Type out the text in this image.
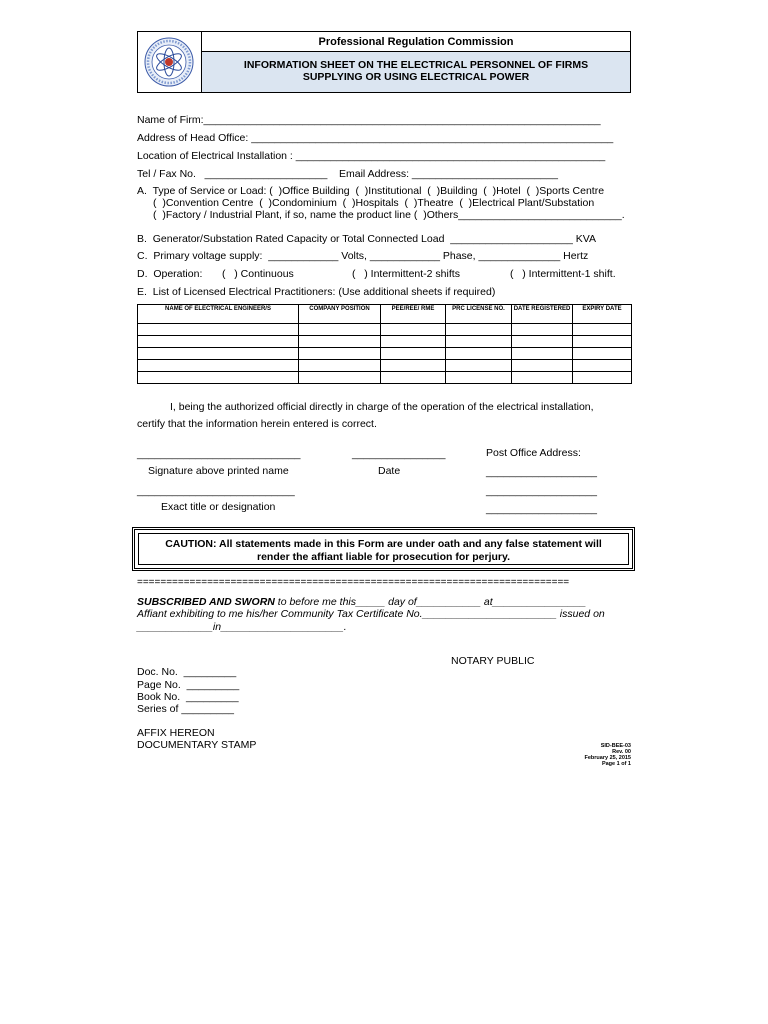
Professional Regulation Commission
INFORMATION SHEET ON THE ELECTRICAL PERSONNEL OF FIRMS
SUPPLYING OR USING ELECTRICAL POWER
Name of Firm:____________________________________________________________________
Address of Head Office: ______________________________________________________________
Location of Electrical Installation : _____________________________________________________
Tel / Fax No.   _____________________    Email Address: _________________________
A.  Type of Service or Load: (  )Office Building  (  )Institutional  (  )Building  (  )Hotel  (  )Sports Centre
(  )Convention Centre  (  )Condominium  (  )Hospitals  (  )Theatre  (  )Electrical Plant/Substation
(  )Factory / Industrial Plant, if so, name the product line (  )Others____________________________.
B.  Generator/Substation Rated Capacity or Total Connected Load  _____________________ KVA
C.  Primary voltage supply:  ____________ Volts, ____________ Phase, ______________ Hertz
D.  Operation: (   ) Continuous	(   ) Intermittent-2 shifts	(   ) Intermittent-1 shift.
E.  List of Licensed Electrical Practitioners: (Use additional sheets if required)
NAME OF ELECTRICAL ENGINEER/S	COMPANY POSITION	PEE/REE/ RME	PRC LICENSE NO.	DATE REGISTERED	EXPIRY DATE

I, being the authorized official directly in charge of the operation of the electrical installation,
certify that the information herein entered is correct.
____________________________	________________	Post Office Address:
Signature above printed name	Date	___________________
___________________________	___________________
Exact title or designation	___________________
CAUTION: All statements made in this Form are under oath and any false statement will
render the affiant liable for prosecution for perjury.
==========================================================================
SUBSCRIBED AND SWORN to before me this_____ day of___________ at________________
Affiant exhibiting to me his/her Community Tax Certificate No._______________________ issued on
_____________in_____________________.
NOTARY PUBLIC
Doc. No.  _________
Page No.  _________
Book No.  _________
Series of _________
AFFIX HEREON
DOCUMENTARY STAMP	SID-BEE-03
Rev. 00
February 25, 2015
Page 1 of 1
